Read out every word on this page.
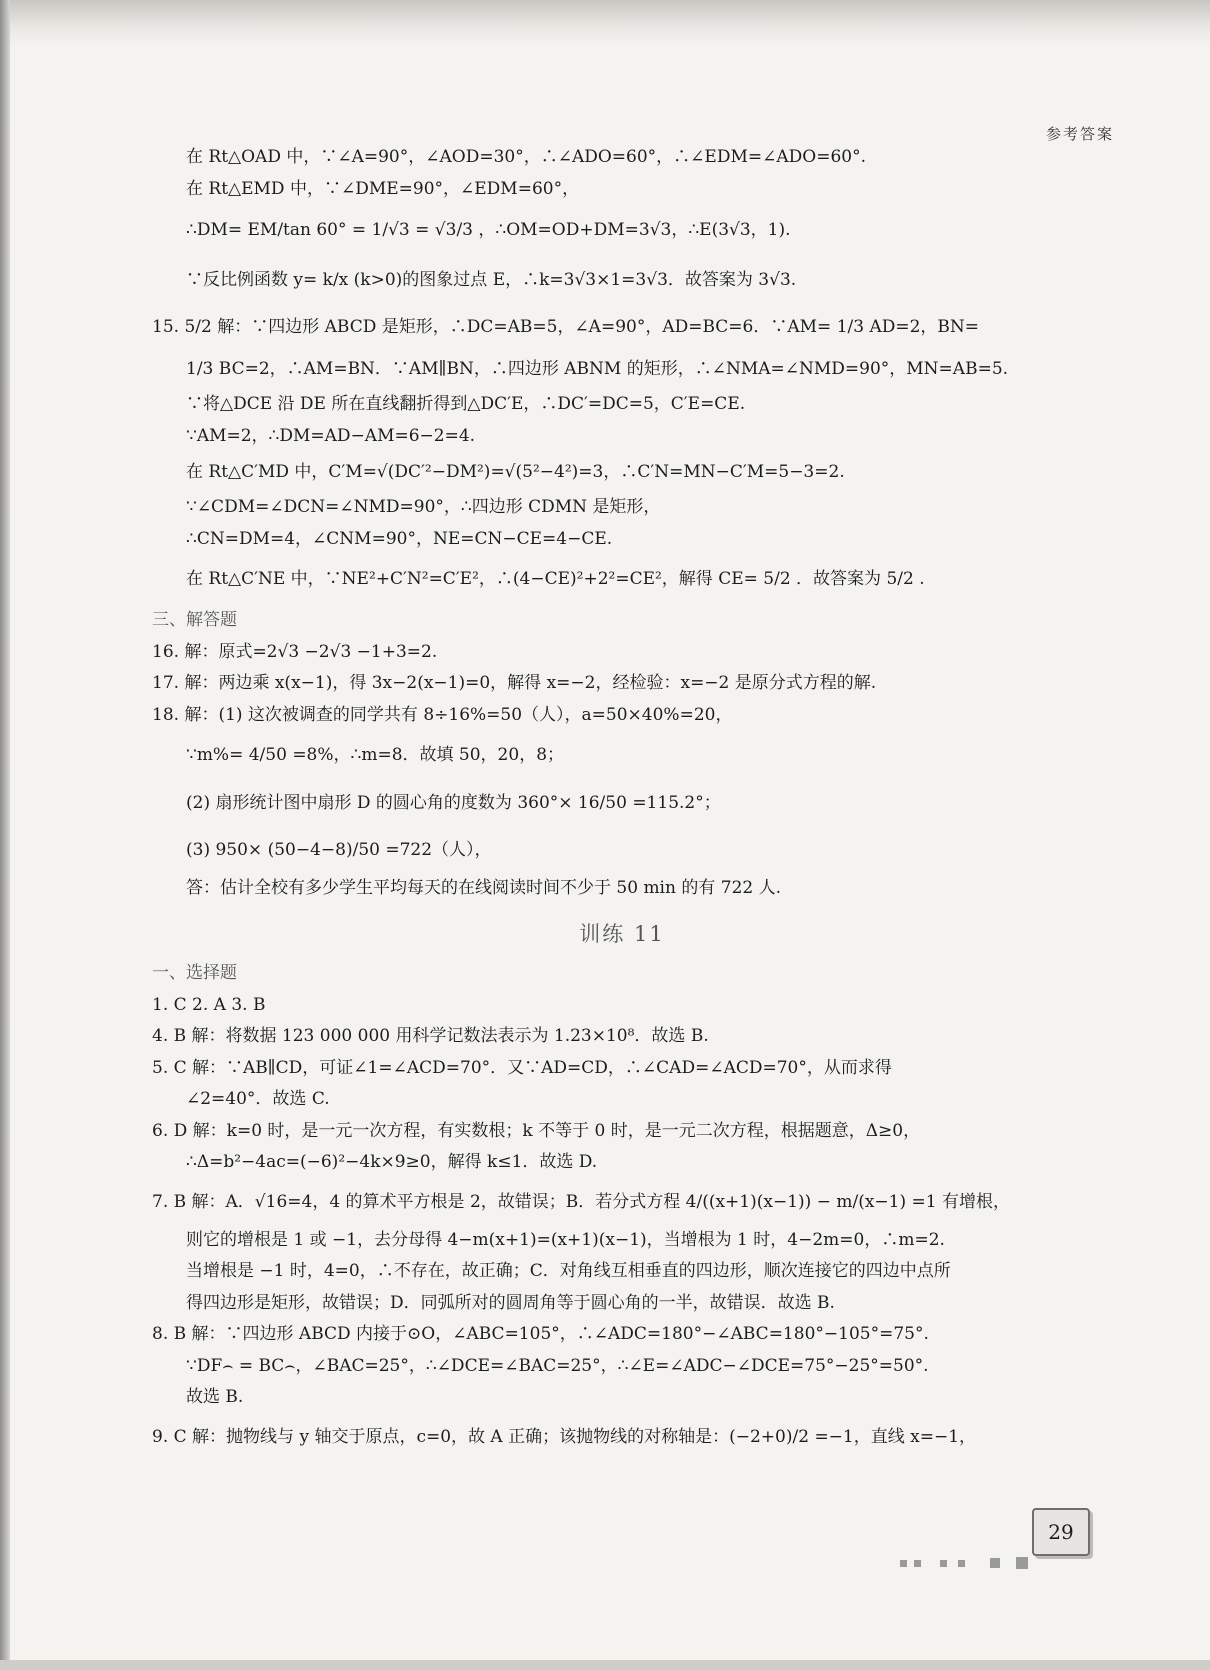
参考答案
在 Rt△OAD 中，∵∠A=90°，∠AOD=30°，∴∠ADO=60°，∴∠EDM=∠ADO=60°.
在 Rt△EMD 中，∵∠DME=90°，∠EDM=60°，
∴DM= EM/tan 60° = 1/√3 = √3/3 ，∴OM=OD+DM=3√3，∴E(3√3，1).
∵反比例函数 y= k/x (k>0)的图象过点 E，∴k=3√3×1=3√3．故答案为 3√3.
15. 5/2 解：∵四边形 ABCD 是矩形，∴DC=AB=5，∠A=90°，AD=BC=6．∵AM= 1/3 AD=2，BN=
1/3 BC=2，∴AM=BN．∵AM∥BN，∴四边形 ABNM 的矩形，∴∠NMA=∠NMD=90°，MN=AB=5.
∵将△DCE 沿 DE 所在直线翻折得到△DC′E，∴DC′=DC=5，C′E=CE.
∵AM=2，∴DM=AD−AM=6−2=4.
在 Rt△C′MD 中，C′M=√(DC′²−DM²)=√(5²−4²)=3，∴C′N=MN−C′M=5−3=2.
∵∠CDM=∠DCN=∠NMD=90°，∴四边形 CDMN 是矩形，
∴CN=DM=4，∠CNM=90°，NE=CN−CE=4−CE.
在 Rt△C′NE 中，∵NE²+C′N²=C′E²，∴(4−CE)²+2²=CE²，解得 CE= 5/2 ．故答案为 5/2 .
三、解答题
16. 解：原式=2√3 −2√3 −1+3=2.
17. 解：两边乘 x(x−1)，得 3x−2(x−1)=0，解得 x=−2，经检验：x=−2 是原分式方程的解.
18. 解：(1) 这次被调查的同学共有 8÷16%=50（人），a=50×40%=20，
∵m%= 4/50 =8%，∴m=8．故填 50，20，8；
(2) 扇形统计图中扇形 D 的圆心角的度数为 360°× 16/50 =115.2°；
(3) 950× (50−4−8)/50 =722（人），
答：估计全校有多少学生平均每天的在线阅读时间不少于 50 min 的有 722 人.
训练 11
一、选择题
1. C 2. A 3. B
4. B 解：将数据 123 000 000 用科学记数法表示为 1.23×10⁸．故选 B.
5. C 解：∵AB∥CD，可证∠1=∠ACD=70°．又∵AD=CD，∴∠CAD=∠ACD=70°，从而求得
∠2=40°．故选 C.
6. D 解：k=0 时，是一元一次方程，有实数根；k 不等于 0 时，是一元二次方程，根据题意，Δ≥0，
∴Δ=b²−4ac=(−6)²−4k×9≥0，解得 k≤1．故选 D.
7. B 解：A．√16=4，4 的算术平方根是 2，故错误；B．若分式方程 4/((x+1)(x−1)) − m/(x−1) =1 有增根，
则它的增根是 1 或 −1，去分母得 4−m(x+1)=(x+1)(x−1)，当增根为 1 时，4−2m=0，∴m=2.
当增根是 −1 时，4=0，∴不存在，故正确；C．对角线互相垂直的四边形，顺次连接它的四边中点所
得四边形是矩形，故错误；D．同弧所对的圆周角等于圆心角的一半，故错误．故选 B.
8. B 解：∵四边形 ABCD 内接于⊙O，∠ABC=105°，∴∠ADC=180°−∠ABC=180°−105°=75°.
∵DF⌢ = BC⌢，∠BAC=25°，∴∠DCE=∠BAC=25°，∴∠E=∠ADC−∠DCE=75°−25°=50°.
故选 B.
9. C 解：抛物线与 y 轴交于原点，c=0，故 A 正确；该抛物线的对称轴是：(−2+0)/2 =−1，直线 x=−1，
29
